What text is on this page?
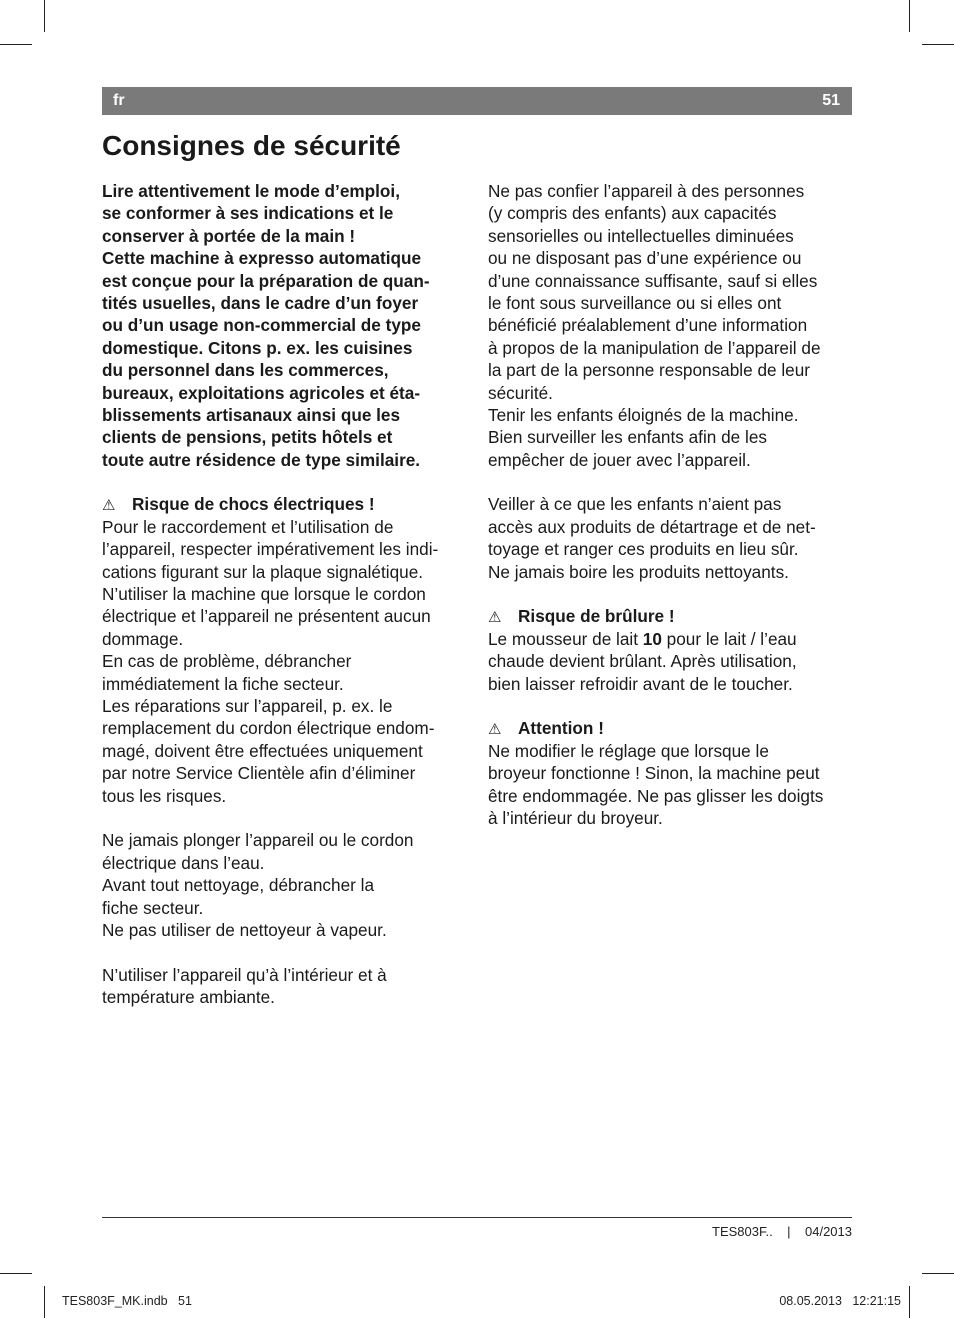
fr	51
Consignes de sécurité
Lire attentivement le mode d’emploi,
se conformer à ses indications et le
conserver à portée de la main !
Cette machine à expresso automatique
est conçue pour la préparation de quan-
tités usuelles, dans le cadre d’un foyer
ou d’un usage non-commercial de type
domestique. Citons p. ex. les cuisines
du personnel dans les commerces,
bureaux, exploitations agricoles et éta-
blissements artisanaux ainsi que les
clients de pensions, petits hôtels et
toute autre résidence de type similaire.
⚠ Risque de chocs électriques !
Pour le raccordement et l’utilisation de
l’appareil, respecter impérativement les indi-
cations figurant sur la plaque signalétique.
N’utiliser la machine que lorsque le cordon
électrique et l’appareil ne présentent aucun
dommage.
En cas de problème, débrancher
immédiatement la fiche secteur.
Les réparations sur l’appareil, p. ex. le
remplacement du cordon électrique endom-
magé, doivent être effectuées uniquement
par notre Service Clientèle afin d’éliminer
tous les risques.
Ne jamais plonger l’appareil ou le cordon
électrique dans l’eau.
Avant tout nettoyage, débrancher la
fiche secteur.
Ne pas utiliser de nettoyeur à vapeur.
N’utiliser l’appareil qu’à l’intérieur et à
température ambiante.
Ne pas confier l’appareil à des personnes
(y compris des enfants) aux capacités
sensorielles ou intellectuelles diminuées
ou ne disposant pas d’une expérience ou
d’une connaissance suffisante, sauf si elles
le font sous surveillance ou si elles ont
bénéficié préalablement d’une information
à propos de la manipulation de l’appareil de
la part de la personne responsable de leur
sécurité.
Tenir les enfants éloignés de la machine.
Bien surveiller les enfants afin de les
empêcher de jouer avec l’appareil.
Veiller à ce que les enfants n’aient pas
accès aux produits de détartrage et de net-
toyage et ranger ces produits en lieu sûr.
Ne jamais boire les produits nettoyants.
⚠ Risque de brûlure !
Le mousseur de lait 10 pour le lait / l’eau
chaude devient brûlant. Après utilisation,
bien laisser refroidir avant de le toucher.
⚠ Attention !
Ne modifier le réglage que lorsque le
broyeur fonctionne ! Sinon, la machine peut
être endommagée. Ne pas glisser les doigts
à l’intérieur du broyeur.
TES803F.. | 04/2013
TES803F_MK.indb 51	08.05.2013 12:21:15
